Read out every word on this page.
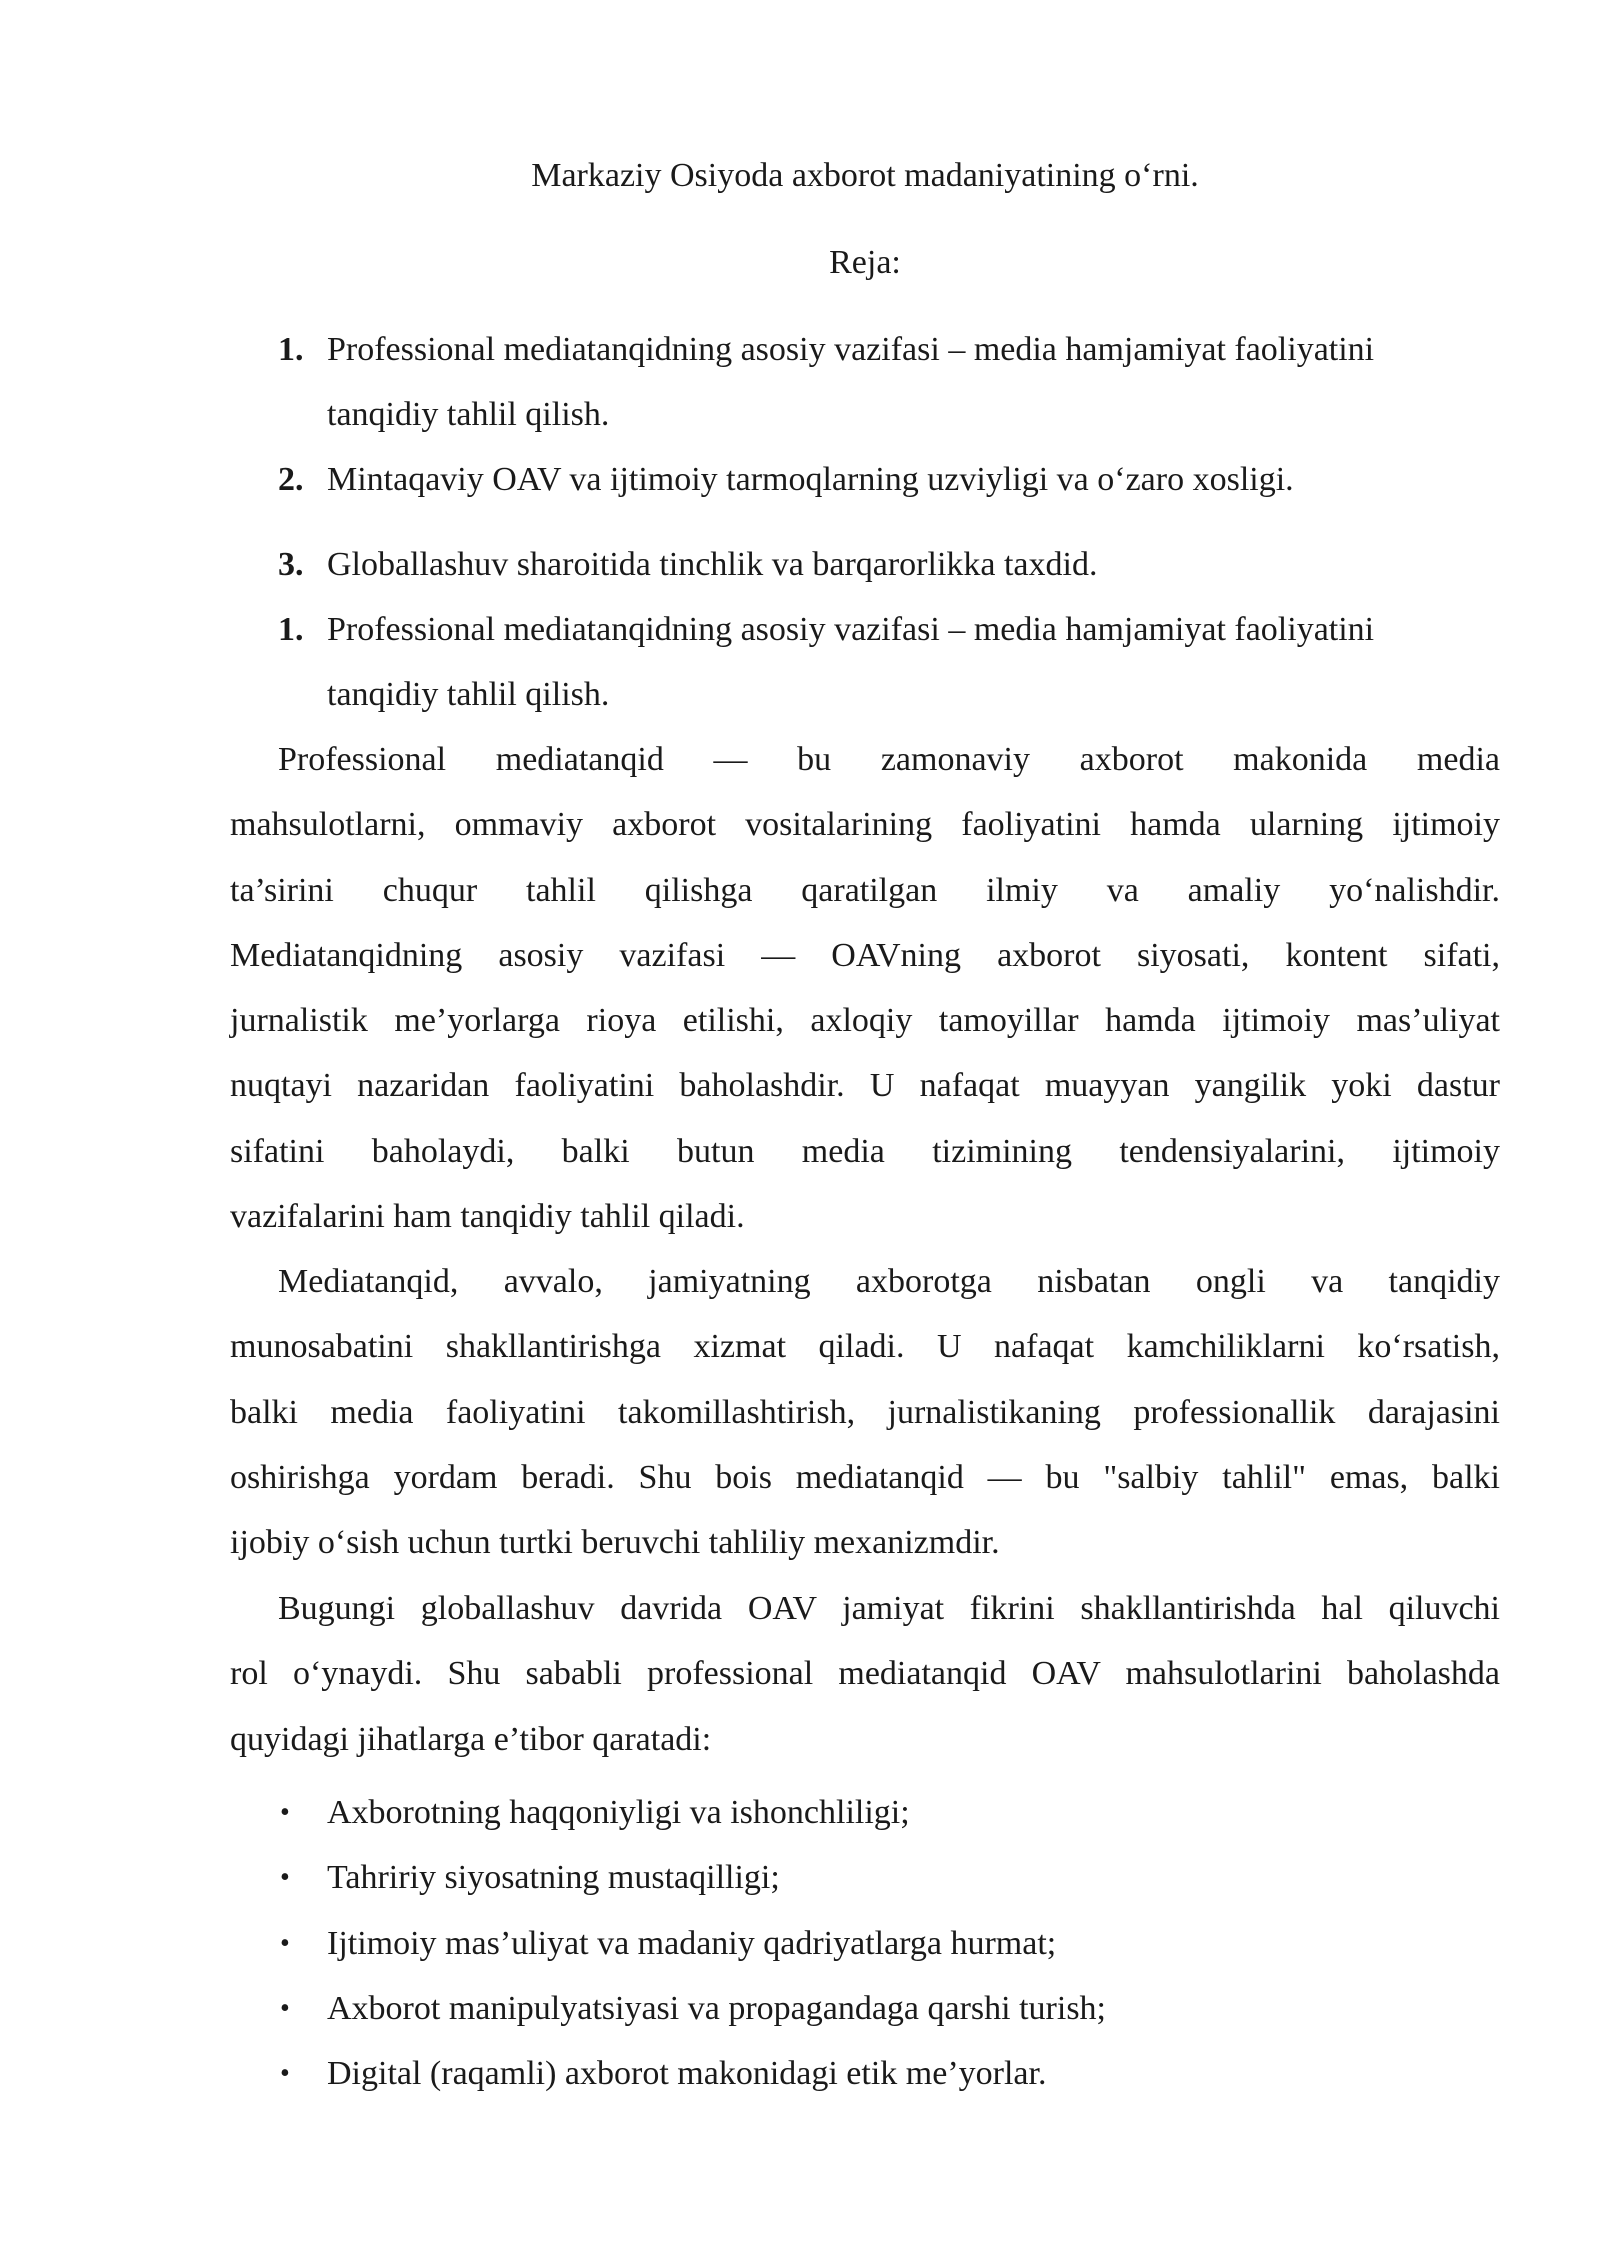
Markaziy Osiyoda axborot madaniyatining o‘rni.
Reja:
1. Professional mediatanqidning asosiy vazifasi – media hamjamiyat faoliyatini
tanqidiy tahlil qilish.
2. Mintaqaviy OAV va ijtimoiy tarmoqlarning uzviyligi va o‘zaro xosligi.
3. Globallashuv sharoitida tinchlik va barqarorlikka taxdid.
1. Professional mediatanqidning asosiy vazifasi – media hamjamiyat faoliyatini
tanqidiy tahlil qilish.
Professional mediatanqid — bu zamonaviy axborot makonida media
mahsulotlarni, ommaviy axborot vositalarining faoliyatini hamda ularning ijtimoiy
ta’sirini chuqur tahlil qilishga qaratilgan ilmiy va amaliy yo‘nalishdir.
Mediatanqidning asosiy vazifasi — OAVning axborot siyosati, kontent sifati,
jurnalistik me’yorlarga rioya etilishi, axloqiy tamoyillar hamda ijtimoiy mas’uliyat
nuqtayi nazaridan faoliyatini baholashdir. U nafaqat muayyan yangilik yoki dastur
sifatini baholaydi, balki butun media tizimining tendensiyalarini, ijtimoiy
vazifalarini ham tanqidiy tahlil qiladi.
Mediatanqid, avvalo, jamiyatning axborotga nisbatan ongli va tanqidiy
munosabatini shakllantirishga xizmat qiladi. U nafaqat kamchiliklarni ko‘rsatish,
balki media faoliyatini takomillashtirish, jurnalistikaning professionallik darajasini
oshirishga yordam beradi. Shu bois mediatanqid — bu "salbiy tahlil" emas, balki
ijobiy o‘sish uchun turtki beruvchi tahliliy mexanizmdir.
Bugungi globallashuv davrida OAV jamiyat fikrini shakllantirishda hal qiluvchi
rol o‘ynaydi. Shu sababli professional mediatanqid OAV mahsulotlarini baholashda
quyidagi jihatlarga e’tibor qaratadi:
• Axborotning haqqoniyligi va ishonchliligi;
• Tahririy siyosatning mustaqilligi;
• Ijtimoiy mas’uliyat va madaniy qadriyatlarga hurmat;
• Axborot manipulyatsiyasi va propagandaga qarshi turish;
• Digital (raqamli) axborot makonidagi etik me’yorlar.
